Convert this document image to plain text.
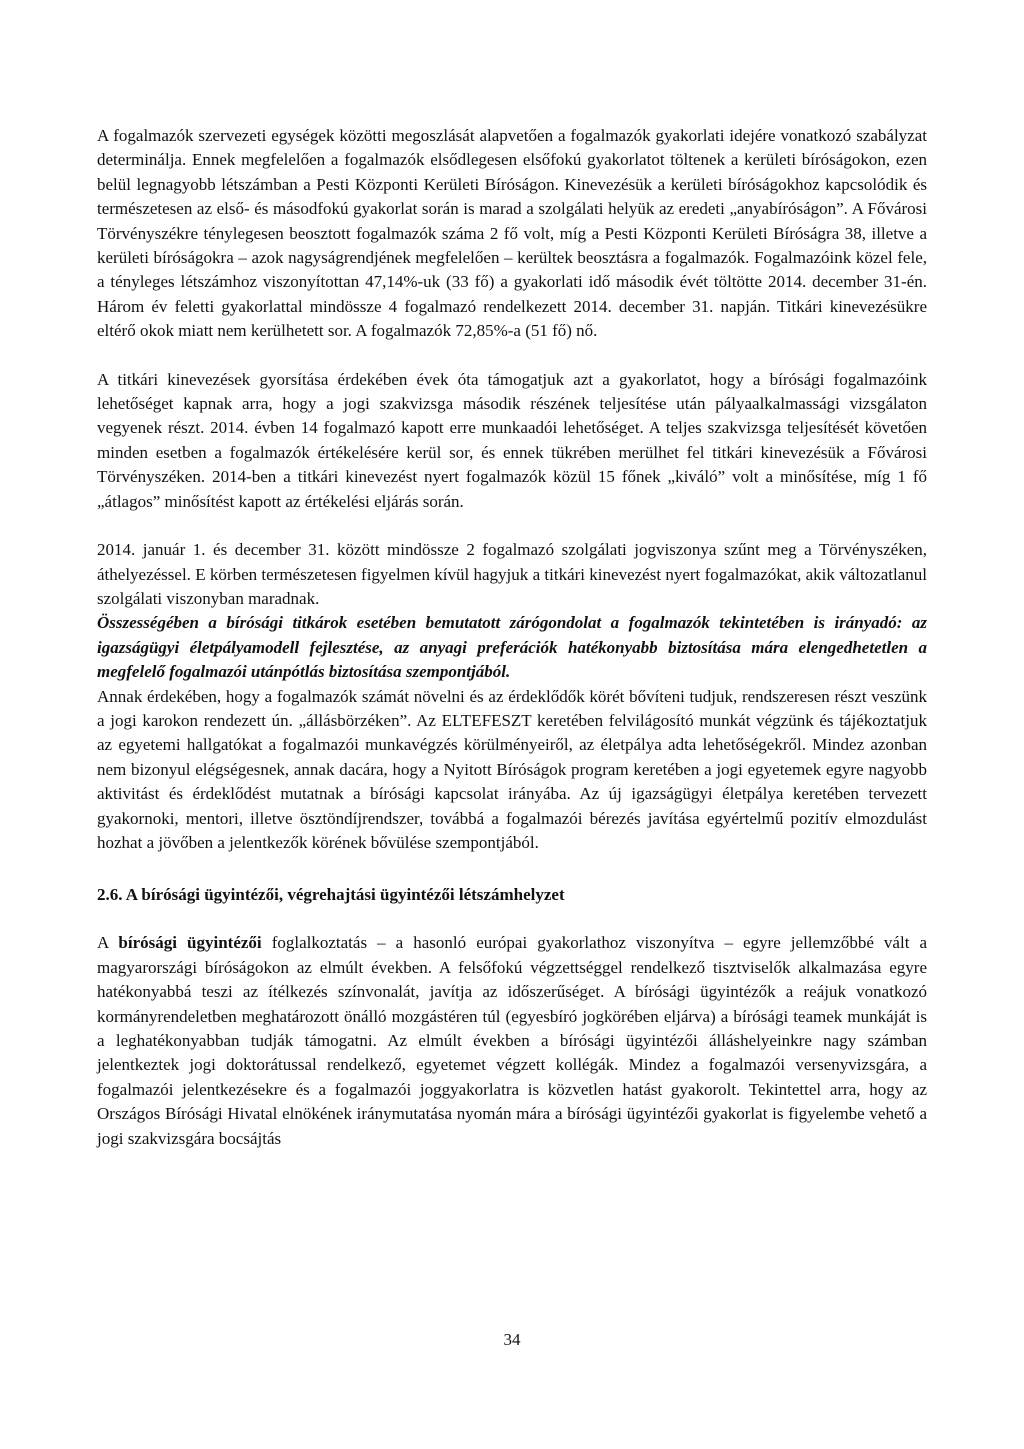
A fogalmazók szervezeti egységek közötti megoszlását alapvetően a fogalmazók gyakorlati idejére vonatkozó szabályzat determinálja. Ennek megfelelően a fogalmazók elsődlegesen elsőfokú gyakorlatot töltenek a kerületi bíróságokon, ezen belül legnagyobb létszámban a Pesti Központi Kerületi Bíróságon. Kinevezésük a kerületi bíróságokhoz kapcsolódik és természetesen az első- és másodfokú gyakorlat során is marad a szolgálati helyük az eredeti „anyabíróságon”. A Fővárosi Törvényszékre ténylegesen beosztott fogalmazók száma 2 fő volt, míg a Pesti Központi Kerületi Bíróságra 38, illetve a kerületi bíróságokra – azok nagyságrendjének megfelelően – kerültek beosztásra a fogalmazók. Fogalmazóink közel fele, a tényleges létszámhoz viszonyítottan 47,14%-uk (33 fő) a gyakorlati idő második évét töltötte 2014. december 31-én. Három év feletti gyakorlattal mindössze 4 fogalmazó rendelkezett 2014. december 31. napján. Titkári kinevezésükre eltérő okok miatt nem kerülhetett sor. A fogalmazók 72,85%-a (51 fő) nő.

A titkári kinevezések gyorsítása érdekében évek óta támogatjuk azt a gyakorlatot, hogy a bírósági fogalmazóink lehetőséget kapnak arra, hogy a jogi szakvizsga második részének teljesítése után pályaalkalmassági vizsgálaton vegyenek részt. 2014. évben 14 fogalmazó kapott erre munkaadói lehetőséget. A teljes szakvizsga teljesítését követően minden esetben a fogalmazók értékelésére kerül sor, és ennek tükrében merülhet fel titkári kinevezésük a Fővárosi Törvényszéken. 2014-ben a titkári kinevezést nyert fogalmazók közül 15 főnek „kiváló” volt a minősítése, míg 1 fő „átlagos” minősítést kapott az értékelési eljárás során.

2014. január 1. és december 31. között mindössze 2 fogalmazó szolgálati jogviszonya szűnt meg a Törvényszéken, áthelyezéssel. E körben természetesen figyelmen kívül hagyjuk a titkári kinevezést nyert fogalmazókat, akik változatlanul szolgálati viszonyban maradnak.

Összességében a bírósági titkárok esetében bemutatott zárógondolat a fogalmazók tekintetében is irányadó: az igazságügyi életpályamodell fejlesztése, az anyagi preferációk hatékonyabb biztosítása mára elengedhetetlen a megfelelő fogalmazói utánpótlás biztosítása szempontjából.

Annak érdekében, hogy a fogalmazók számát növelni és az érdeklődők körét bővíteni tudjuk, rendszeresen részt veszünk a jogi karokon rendezett ún. „állásbörzéken”. Az ELTEFESZT keretében felvilágosító munkát végzünk és tájékoztatjuk az egyetemi hallgatókat a fogalmazói munkavégzés körülményeiről, az életpálya adta lehetőségekről. Mindez azonban nem bizonyul elégségesnek, annak dacára, hogy a Nyitott Bíróságok program keretében a jogi egyetemek egyre nagyobb aktivitást és érdeklődést mutatnak a bírósági kapcsolat irányába. Az új igazságügyi életpálya keretében tervezett gyakornoki, mentori, illetve ösztöndíjrendszer, továbbá a fogalmazói bérezés javítása egyértelmű pozitív elmozdulást hozhat a jövőben a jelentkezők körének bővülése szempontjából.

2.6. A bírósági ügyintézői, végrehajtási ügyintézői létszámhelyzet

A bírósági ügyintézői foglalkoztatás – a hasonló európai gyakorlathoz viszonyítva – egyre jellemzőbbé vált a magyarországi bíróságokon az elmúlt években. A felsőfokú végzettséggel rendelkező tisztviselők alkalmazása egyre hatékonyabbá teszi az ítélkezés színvonalát, javítja az időszerűséget. A bírósági ügyintézők a reájuk vonatkozó kormányrendeletben meghatározott önálló mozgástéren túl (egyesbíró jogkörében eljárva) a bírósági teamek munkáját is a leghatékonyabban tudják támogatni. Az elmúlt években a bírósági ügyintézői álláshelyeinkre nagy számban jelentkeztek jogi doktorátussal rendelkező, egyetemet végzett kollégák. Mindez a fogalmazói versenyvizsgára, a fogalmazói jelentkezésekre és a fogalmazói joggyakorlatra is közvetlen hatást gyakorolt. Tekintettel arra, hogy az Országos Bírósági Hivatal elnökének iránymutatása nyomán mára a bírósági ügyintézői gyakorlat is figyelembe vehető a jogi szakvizsgára bocsájtás

34
